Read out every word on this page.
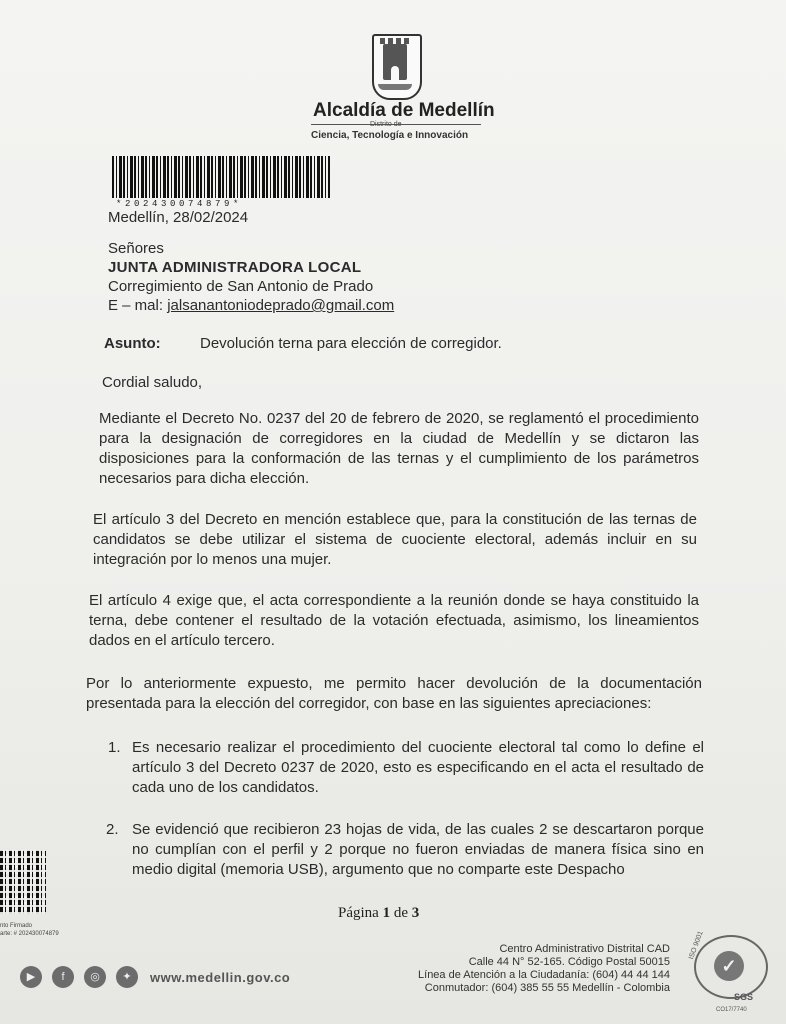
Alcaldía de Medellín
Distrito de
Ciencia, Tecnología e Innovación
*202430074879*
Medellín, 28/02/2024
Señores
JUNTA ADMINISTRADORA LOCAL
Corregimiento de San Antonio de Prado
E – mal: jalsanantoniodeprado@gmail.com
Asunto:	Devolución terna para elección de corregidor.
Cordial saludo,

Mediante el Decreto No. 0237 del 20 de febrero de 2020, se reglamentó el procedimiento para la designación de corregidores en la ciudad de Medellín y se dictaron las disposiciones para la conformación de las ternas y el cumplimiento de los parámetros necesarios para dicha elección.

El artículo 3 del Decreto en mención establece que, para la constitución de las ternas de candidatos se debe utilizar el sistema de cuociente electoral, además incluir en su integración por lo menos una mujer.

El artículo 4 exige que, el acta correspondiente a la reunión donde se haya constituido la terna, debe contener el resultado de la votación efectuada, asimismo, los lineamientos dados en el artículo tercero.

Por lo anteriormente expuesto, me permito hacer devolución de la documentación presentada para la elección del corregidor, con base en las siguientes apreciaciones:

1. Es necesario realizar el procedimiento del cuociente electoral tal como lo define el artículo 3 del Decreto 0237 de 2020, esto es especificando en el acta el resultado de cada uno de los candidatos.

2. Se evidenció que recibieron 23 hojas de vida, de las cuales 2 se descartaron porque no cumplían con el perfil y 2 porque no fueron enviadas de manera física sino en medio digital (memoria USB), argumento que no comparte este Despacho

Página 1 de 3
nto Firmado
arte: # 202430074879
▶	f	◎	✦	www.medellin.gov.co
Centro Administrativo Distrital CAD
Calle 44 N° 52-165. Código Postal 50015
Línea de Atención a la Ciudadanía: (604) 44 44 144
Conmutador: (604) 385 55 55 Medellín - Colombia
✓
ISO 9001
SGS
CO17/7740
